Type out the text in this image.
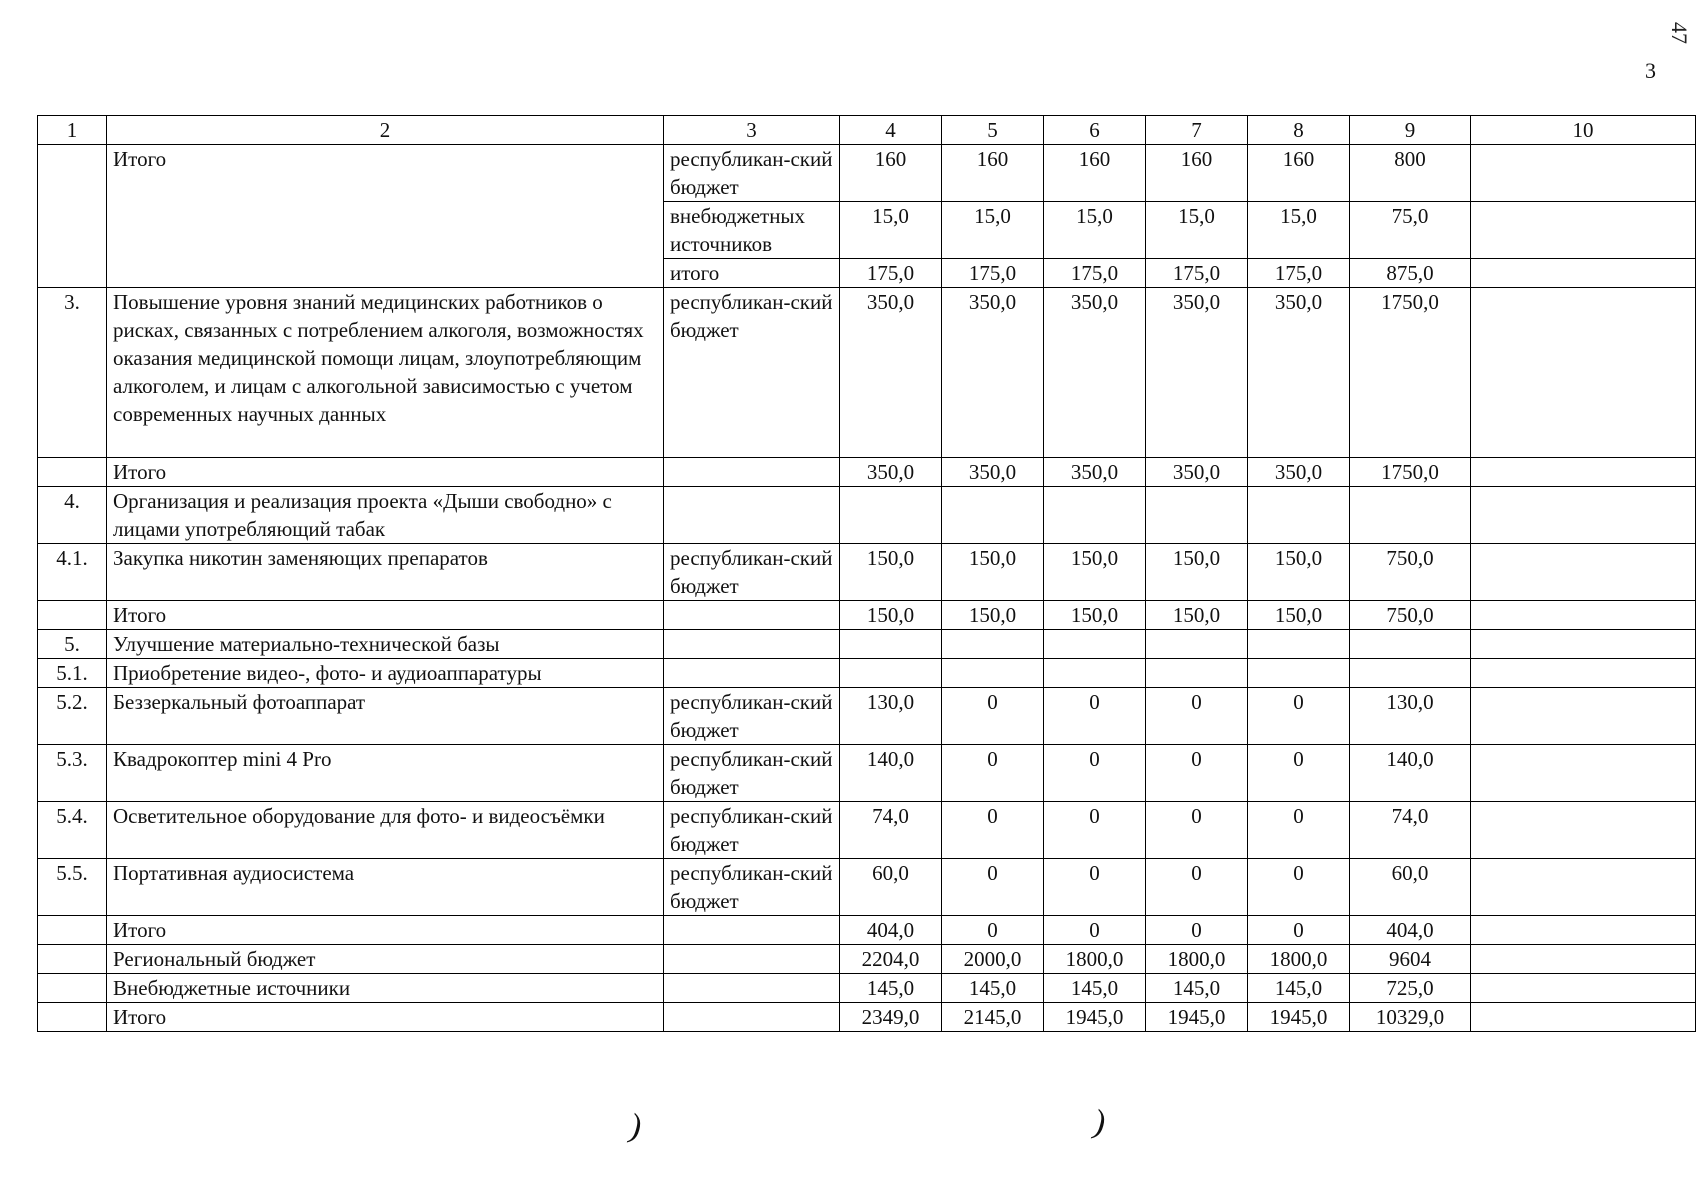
47
3
1	2	3	4	5	6	7	8	9	10
	Итого	республикан-ский бюджет	160	160	160	160	160	800	
		внебюджетных источников	15,0	15,0	15,0	15,0	15,0	75,0	
		итого	175,0	175,0	175,0	175,0	175,0	875,0	
3.	Повышение уровня знаний медицинских работников о рисках, связанных с потреблением алкоголя, возможностях оказания медицинской помощи лицам, злоупотребляющим алкоголем, и лицам с алкогольной зависимостью с учетом современных научных данных	республикан-ский бюджет	350,0	350,0	350,0	350,0	350,0	1750,0	
	Итого		350,0	350,0	350,0	350,0	350,0	1750,0	
4.	Организация и реализация проекта «Дыши свободно» с лицами употребляющий табак								
4.1.	Закупка никотин заменяющих препаратов	республикан-ский бюджет	150,0	150,0	150,0	150,0	150,0	750,0	
	Итого		150,0	150,0	150,0	150,0	150,0	750,0	
5.	Улучшение материально-технической базы								
5.1.	Приобретение видео-, фото- и аудиоаппаратуры								
5.2.	Беззеркальный фотоаппарат	республикан-ский бюджет	130,0	0	0	0	0	130,0	
5.3.	Квадрокоптер mini 4 Pro	республикан-ский бюджет	140,0	0	0	0	0	140,0	
5.4.	Осветительное оборудование для фото- и видеосъёмки	республикан-ский бюджет	74,0	0	0	0	0	74,0	
5.5.	Портативная аудиосистема	республикан-ский бюджет	60,0	0	0	0	0	60,0	
	Итого		404,0	0	0	0	0	404,0	
	Региональный бюджет		2204,0	2000,0	1800,0	1800,0	1800,0	9604	
	Внебюджетные источники		145,0	145,0	145,0	145,0	145,0	725,0	
	Итого		2349,0	2145,0	1945,0	1945,0	1945,0	10329,0	
)	)
